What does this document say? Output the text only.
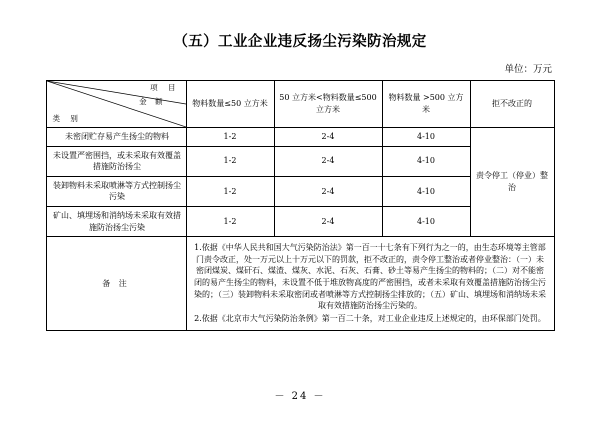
（五）工业企业违反扬尘污染防治规定
单位：万元
项 目
金 额
类 别	物料数量≤50 立方米	50 立方米<物料数量≤500 立方米	物料数量 >500 立方米	拒不改正的
未密闭贮存易产生扬尘的物料	1-2	2-4	4-10	责令停工（停业）整治
未设置严密围挡，或未采取有效覆盖措施防治扬尘	1-2	2-4	4-10	
装卸物料未采取喷淋等方式控制扬尘污染	1-2	2-4	4-10	
矿山、填埋场和消纳场未采取有效措施防治扬尘污染	1-2	2-4	4-10	
备 注	1.依据《中华人民共和国大气污染防治法》第一百一十七条有下列行为之一的，由生态环境等主管部门责令改正，处一万元以上十万元以下的罚款，拒不改正的，责令停工整治或者停业整治：（一）未密闭煤炭、煤矸石、煤渣、煤灰、水泥、石灰、石膏、砂土等易产生扬尘的物料的；（二）对不能密闭的易产生扬尘的物料，未设置不低于堆放物高度的严密围挡，或者未采取有效覆盖措施防治扬尘污染的；（三）装卸物料未采取密闭或者喷淋等方式控制扬尘排放的；（五）矿山、填埋场和消纳场未采取有效措施防治扬尘污染的。

2.依据《北京市大气污染防治条例》第一百二十条，对工业企业违反上述规定的，由环保部门处罚。			

－ 24 －
